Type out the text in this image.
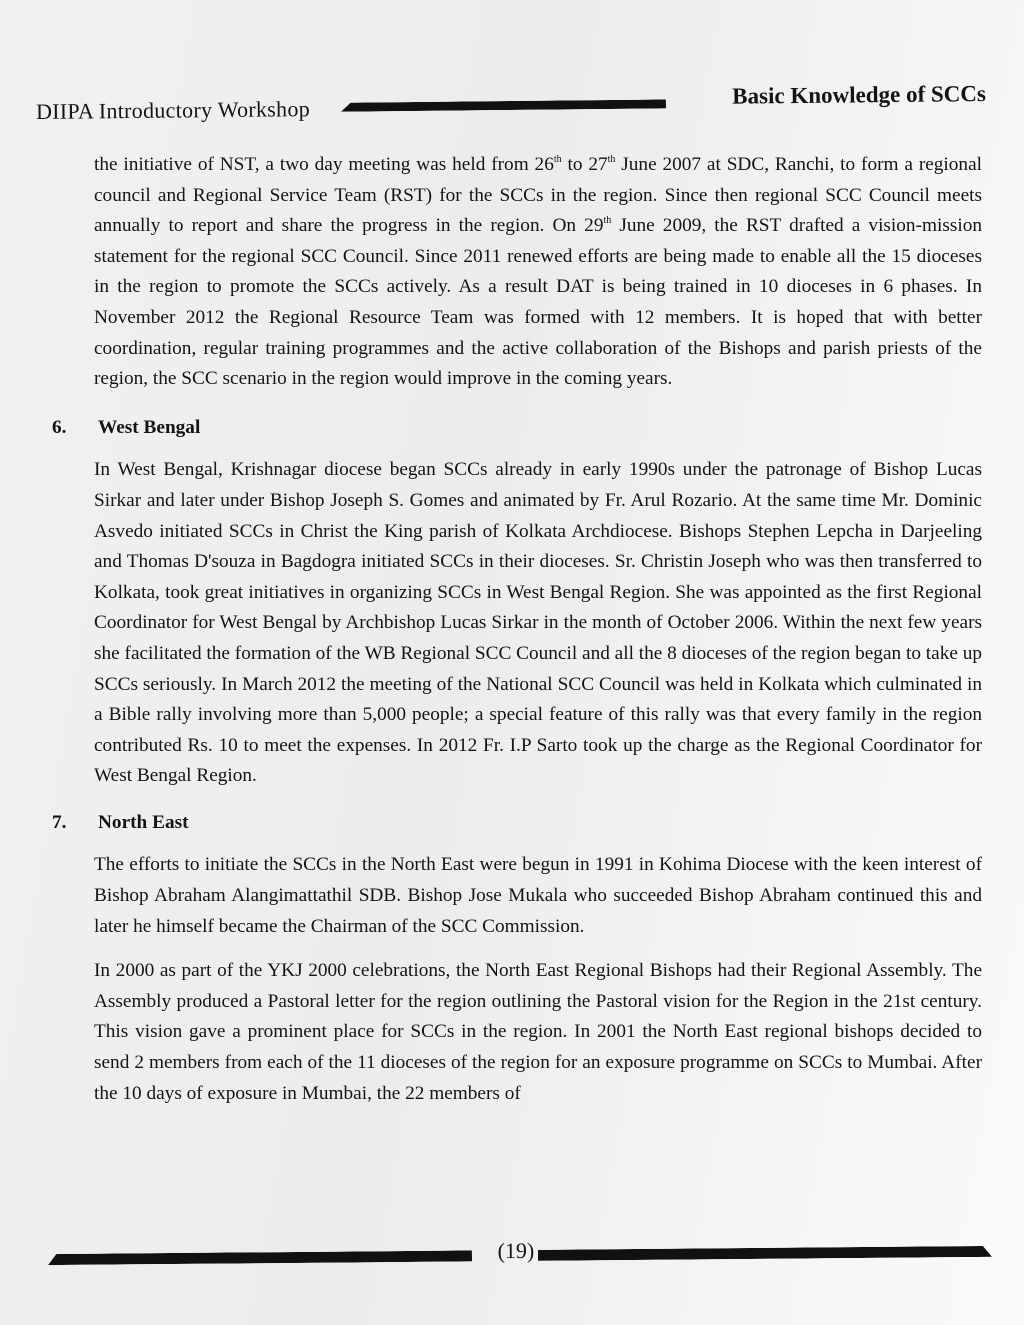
DIIPA Introductory Workshop
Basic Knowledge of SCCs

the initiative of NST, a two day meeting was held from 26th to 27th June 2007 at SDC, Ranchi, to form a regional council and Regional Service Team (RST) for the SCCs in the region. Since then regional SCC Council meets annually to report and share the progress in the region. On 29th June 2009, the RST drafted a vision-mission statement for the regional SCC Council. Since 2011 renewed efforts are being made to enable all the 15 dioceses in the region to promote the SCCs actively. As a result DAT is being trained in 10 dioceses in 6 phases. In November 2012 the Regional Resource Team was formed with 12 members. It is hoped that with better coordination, regular training programmes and the active collaboration of the Bishops and parish priests of the region, the SCC scenario in the region would improve in the coming years.

6.	West Bengal

In West Bengal, Krishnagar diocese began SCCs already in early 1990s under the patronage of Bishop Lucas Sirkar and later under Bishop Joseph S. Gomes and animated by Fr. Arul Rozario. At the same time Mr. Dominic Asvedo initiated SCCs in Christ the King parish of Kolkata Archdiocese. Bishops Stephen Lepcha in Darjeeling and Thomas D'souza in Bagdogra initiated SCCs in their dioceses. Sr. Christin Joseph who was then transferred to Kolkata, took great initiatives in organizing SCCs in West Bengal Region. She was appointed as the first Regional Coordinator for West Bengal by Archbishop Lucas Sirkar in the month of October 2006. Within the next few years she facilitated the formation of the WB Regional SCC Council and all the 8 dioceses of the region began to take up SCCs seriously. In March 2012 the meeting of the National SCC Council was held in Kolkata which culminated in a Bible rally involving more than 5,000 people; a special feature of this rally was that every family in the region contributed Rs. 10 to meet the expenses. In 2012 Fr. I.P Sarto took up the charge as the Regional Coordinator for West Bengal Region.

7.	North East

The efforts to initiate the SCCs in the North East were begun in 1991 in Kohima Diocese with the keen interest of Bishop Abraham Alangimattathil SDB. Bishop Jose Mukala who succeeded Bishop Abraham continued this and later he himself became the Chairman of the SCC Commission.

In 2000 as part of the YKJ 2000 celebrations, the North East Regional Bishops had their Regional Assembly. The Assembly produced a Pastoral letter for the region outlining the Pastoral vision for the Region in the 21st century. This vision gave a prominent place for SCCs in the region. In 2001 the North East regional bishops decided to send 2 members from each of the 11 dioceses of the region for an exposure programme on SCCs to Mumbai. After the 10 days of exposure in Mumbai, the 22 members of

(19)
